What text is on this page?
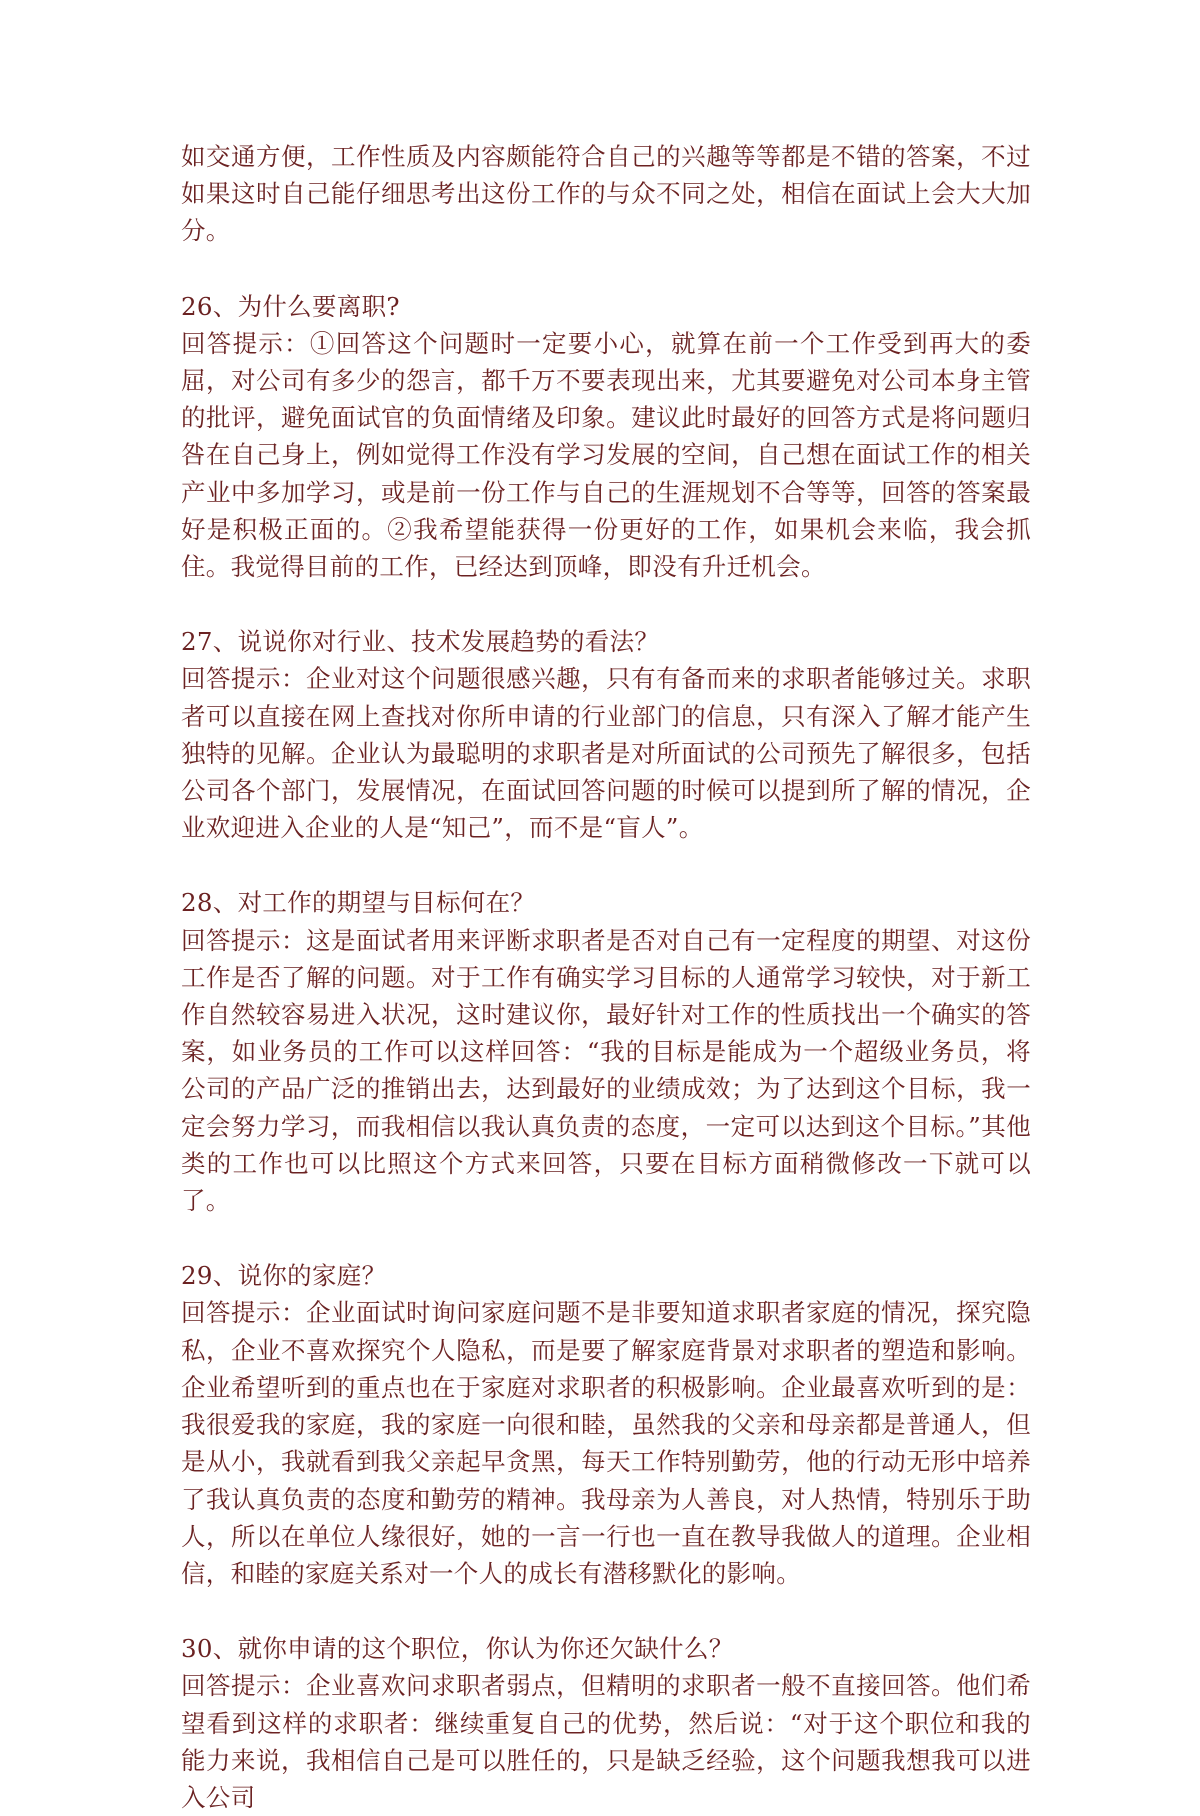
如交通方便，工作性质及内容颇能符合自己的兴趣等等都是不错的答案，不过如果这时自己能仔细思考出这份工作的与众不同之处，相信在面试上会大大加分。

26、为什么要离职?

回答提示：①回答这个问题时一定要小心，就算在前一个工作受到再大的委屈，对公司有多少的怨言，都千万不要表现出来，尤其要避免对公司本身主管的批评，避免面试官的负面情绪及印象。建议此时最好的回答方式是将问题归咎在自己身上，例如觉得工作没有学习发展的空间，自己想在面试工作的相关产业中多加学习，或是前一份工作与自己的生涯规划不合等等，回答的答案最好是积极正面的。②我希望能获得一份更好的工作，如果机会来临，我会抓住。我觉得目前的工作，已经达到顶峰，即没有升迁机会。

27、说说你对行业、技术发展趋势的看法？

回答提示：企业对这个问题很感兴趣，只有有备而来的求职者能够过关。求职者可以直接在网上查找对你所申请的行业部门的信息，只有深入了解才能产生独特的见解。企业认为最聪明的求职者是对所面试的公司预先了解很多，包括公司各个部门，发展情况，在面试回答问题的时候可以提到所了解的情况，企业欢迎进入企业的人是“知己”，而不是“盲人”。

28、对工作的期望与目标何在？

回答提示：这是面试者用来评断求职者是否对自己有一定程度的期望、对这份工作是否了解的问题。对于工作有确实学习目标的人通常学习较快，对于新工作自然较容易进入状况，这时建议你，最好针对工作的性质找出一个确实的答案，如业务员的工作可以这样回答：“我的目标是能成为一个超级业务员，将公司的产品广泛的推销出去，达到最好的业绩成效；为了达到这个目标，我一定会努力学习，而我相信以我认真负责的态度，一定可以达到这个目标。”其他类的工作也可以比照这个方式来回答，只要在目标方面稍微修改一下就可以了。

29、说你的家庭？

回答提示：企业面试时询问家庭问题不是非要知道求职者家庭的情况，探究隐私，企业不喜欢探究个人隐私，而是要了解家庭背景对求职者的塑造和影响。企业希望听到的重点也在于家庭对求职者的积极影响。企业最喜欢听到的是：我很爱我的家庭，我的家庭一向很和睦，虽然我的父亲和母亲都是普通人，但是从小，我就看到我父亲起早贪黑，每天工作特别勤劳，他的行动无形中培养了我认真负责的态度和勤劳的精神。我母亲为人善良，对人热情，特别乐于助人，所以在单位人缘很好，她的一言一行也一直在教导我做人的道理。企业相信，和睦的家庭关系对一个人的成长有潜移默化的影响。

30、就你申请的这个职位，你认为你还欠缺什么？

回答提示：企业喜欢问求职者弱点，但精明的求职者一般不直接回答。他们希望看到这样的求职者：继续重复自己的优势，然后说：“对于这个职位和我的能力来说，我相信自己是可以胜任的，只是缺乏经验，这个问题我想我可以进入公司
